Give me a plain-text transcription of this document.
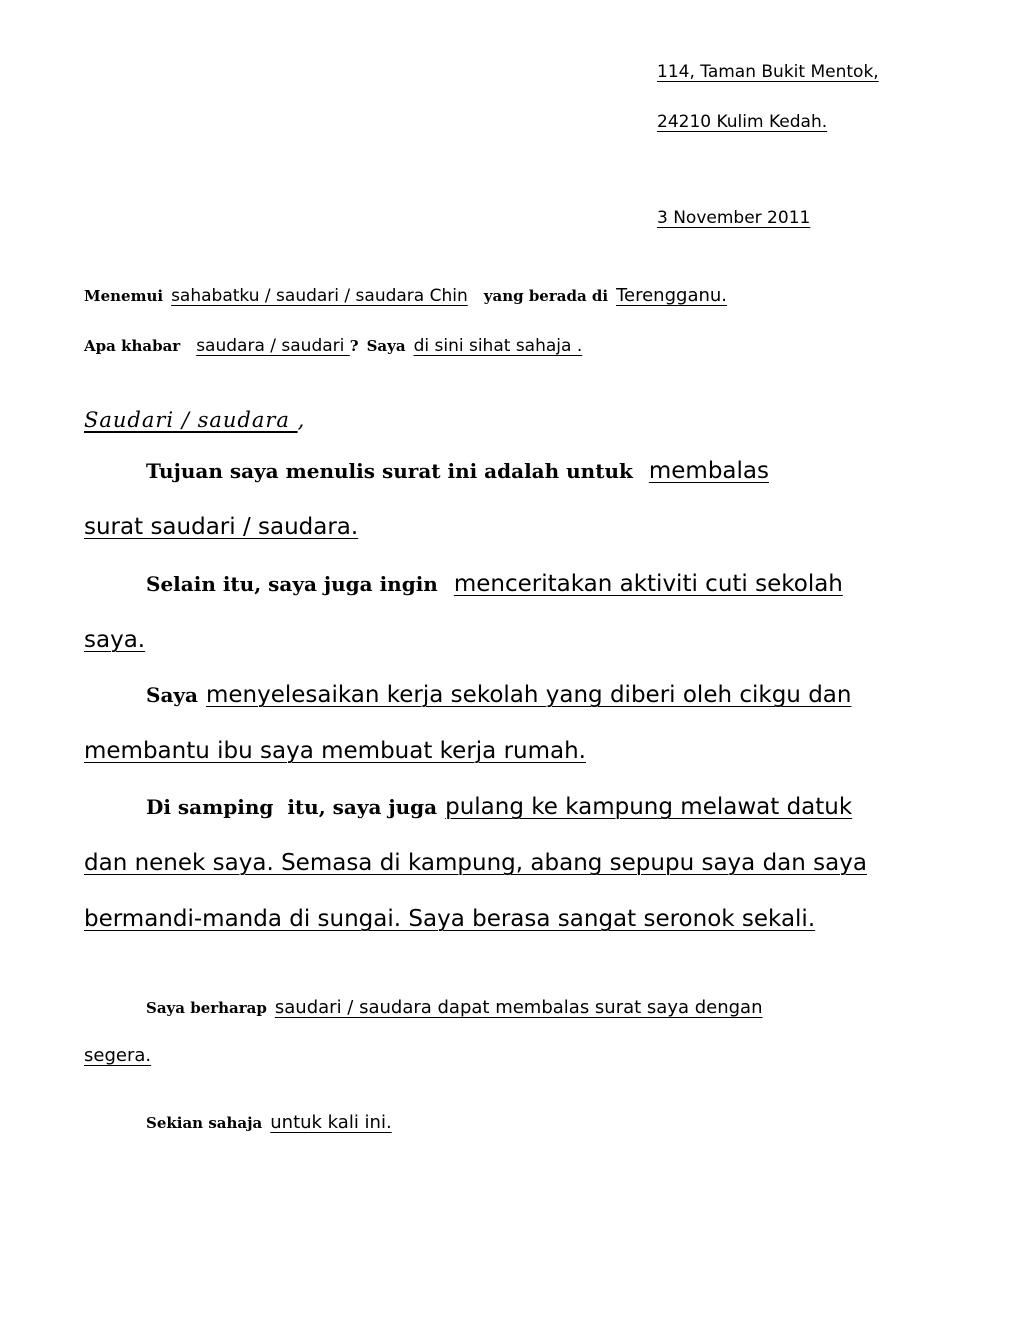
114, Taman Bukit Mentok,
24210 Kulim Kedah.
3 November 2011
Menemui sahabatku / saudari / saudara Chin yang berada di Terengganu.
Apa khabar saudara / saudari ? Saya di sini sihat sahaja .
Saudari / saudara ,
Tujuan saya menulis surat ini adalah untuk membalas
surat saudari / saudara.
Selain itu, saya juga ingin menceritakan aktiviti cuti sekolah
saya.
Saya menyelesaikan kerja sekolah yang diberi oleh cikgu dan
membantu ibu saya membuat kerja rumah.
Di samping  itu, saya juga pulang ke kampung melawat datuk
dan nenek saya. Semasa di kampung, abang sepupu saya dan saya
bermandi-manda di sungai. Saya berasa sangat seronok sekali.
Saya berharap saudari / saudara dapat membalas surat saya dengan
segera.
Sekian sahaja untuk kali ini.
